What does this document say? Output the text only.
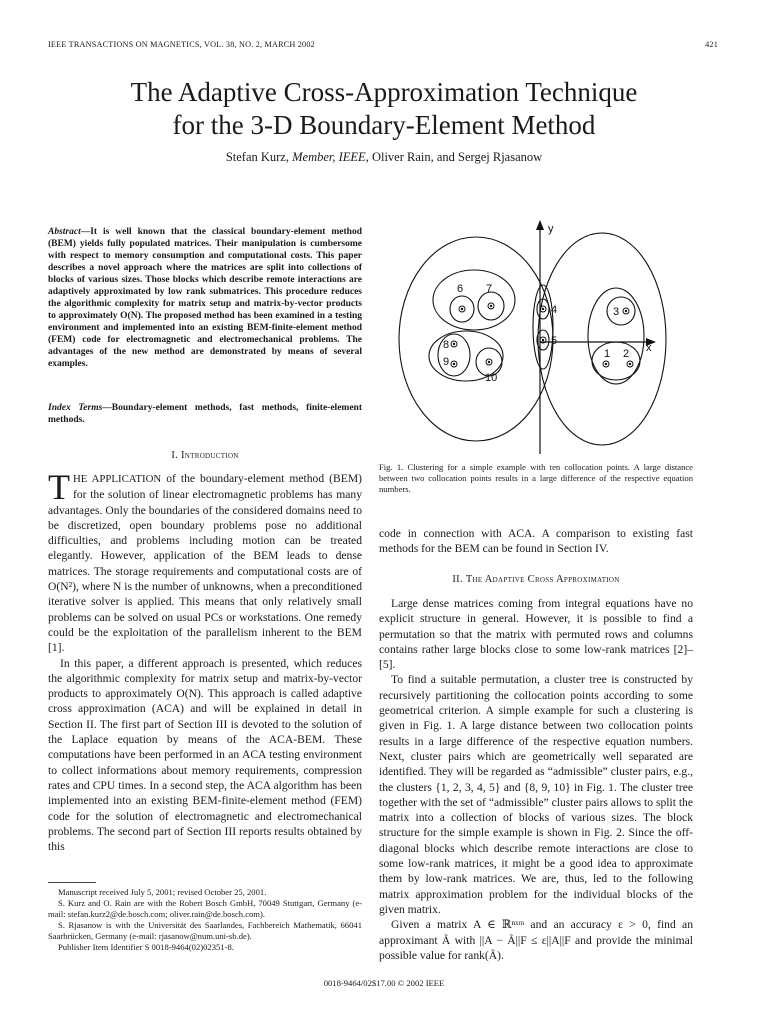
IEEE TRANSACTIONS ON MAGNETICS, VOL. 38, NO. 2, MARCH 2002	421
The Adaptive Cross-Approximation Technique
for the 3-D Boundary-Element Method
Stefan Kurz, Member, IEEE, Oliver Rain, and Sergej Rjasanow
Abstract—It is well known that the classical boundary-element method (BEM) yields fully populated matrices. Their manipulation is cumbersome with respect to memory consumption and computational costs. This paper describes a novel approach where the matrices are split into collections of blocks of various sizes. Those blocks which describe remote interactions are adaptively approximated by low rank submatrices. This procedure reduces the algorithmic complexity for matrix setup and matrix-by-vector products to approximately O(N). The proposed method has been examined in a testing environment and implemented into an existing BEM-finite-element method (FEM) code for electromagnetic and electromechanical problems. The advantages of the new method are demonstrated by means of several examples.
Index Terms—Boundary-element methods, fast methods, finite-element methods.
I. Introduction

THE APPLICATION of the boundary-element method (BEM) for the solution of linear electromagnetic problems has many advantages. Only the boundaries of the considered domains need to be discretized, open boundary problems pose no additional difficulties, and problems including motion can be treated elegantly. However, application of the BEM leads to dense matrices. The storage requirements and computational costs are of O(N²), where N is the number of unknowns, when a preconditioned iterative solver is applied. This means that only relatively small problems can be solved on usual PCs or workstations. One remedy could be the exploitation of the parallelism inherent to the BEM [1].

In this paper, a different approach is presented, which reduces the algorithmic complexity for matrix setup and matrix-by-vector products to approximately O(N). This approach is called adaptive cross approximation (ACA) and will be explained in detail in Section II. The first part of Section III is devoted to the solution of the Laplace equation by means of the ACA-BEM. These computations have been performed in an ACA testing environment to collect informations about memory requirements, compression rates and CPU times. In a second step, the ACA algorithm has been implemented into an existing BEM-finite-element method (FEM) code for the solution of electromagnetic and electromechanical problems. The second part of Section III reports results obtained by this

Manuscript received July 5, 2001; revised October 25, 2001.

S. Kurz and O. Rain are with the Robert Bosch GmbH, 70049 Stuttgart, Germany (e-mail: stefan.kurz2@de.bosch.com; oliver.rain@de.bosch.com).

S. Rjasanow is with the Universität des Saarlandes, Fachbereich Mathematik, 66041 Saarbrücken, Germany (e-mail: rjasanow@num.uni-sb.de).

Publisher Item Identifier S 0018-9464(02)02351-8.

y
x
1 2
3
4
5
6 7
8
9
10
Fig. 1. Clustering for a simple example with ten collocation points. A large distance between two collocation points results in a large difference of the respective equation numbers.

code in connection with ACA. A comparison to existing fast methods for the BEM can be found in Section IV.

II. The Adaptive Cross Approximation

Large dense matrices coming from integral equations have no explicit structure in general. However, it is possible to find a permutation so that the matrix with permuted rows and columns contains rather large blocks close to some low-rank matrices [2]–[5].

To find a suitable permutation, a cluster tree is constructed by recursively partitioning the collocation points according to some geometrical criterion. A simple example for such a clustering is given in Fig. 1. A large distance between two collocation points results in a large difference of the respective equation numbers. Next, cluster pairs which are geometrically well separated are identified. They will be regarded as “admissible” cluster pairs, e.g., the clusters {1, 2, 3, 4, 5} and {8, 9, 10} in Fig. 1. The cluster tree together with the set of “admissible” cluster pairs allows to split the matrix into a collection of blocks of various sizes. The block structure for the simple example is shown in Fig. 2. Since the off-diagonal blocks which describe remote interactions are close to some low-rank matrices, it might be a good idea to approximate them by low-rank matrices. We are, thus, led to the following matrix approximation problem for the individual blocks of the given matrix.

Given a matrix A ∈ ℝⁿˣᵐ and an accuracy ε > 0, find an approximant Ã with ||A − Ã||F ≤ ε||A||F and provide the minimal possible value for rank(Ã).

0018-9464/02$17.00 © 2002 IEEE
